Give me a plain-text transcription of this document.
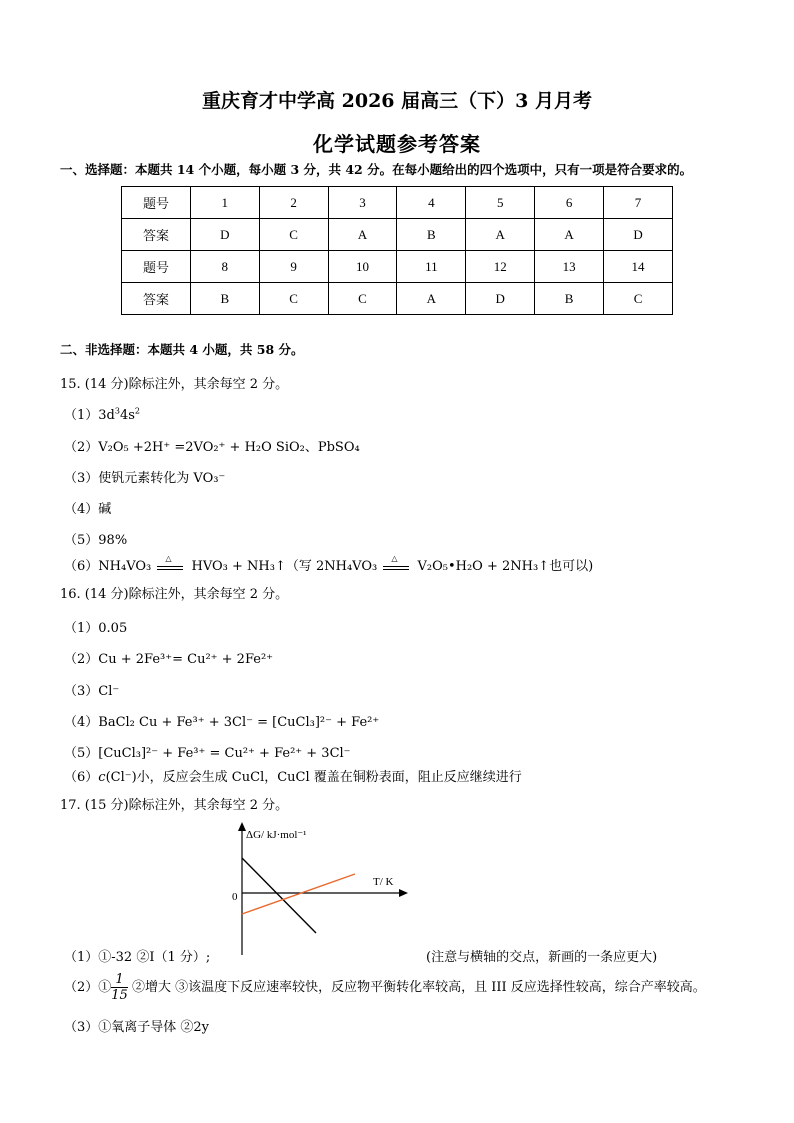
重庆育才中学高 2026 届高三（下）3 月月考
化学试题参考答案
一、选择题：本题共 14 个小题，每小题 3 分，共 42 分。在每小题给出的四个选项中，只有一项是符合要求的。
题号	1	2	3	4	5	6	7
答案	D	C	A	B	A	A	D
题号	8	9	10	11	12	13	14
答案	B	C	C	A	D	B	C
二、非选择题：本题共 4 小题，共 58 分。
15. (14 分)除标注外，其余每空 2 分。
$(1)3d^34s^2$
（2）V₂O₅ +2H⁺ =2VO₂⁺ + H₂O SiO₂、PbSO₄
（3）使钒元素转化为 VO₃⁻
（4）碱
（5）98%
（6）NH₄VO₃
△
HVO₃ + NH₃↑（写 2NH₄VO₃
△
V₂O₅•H₂O + 2NH₃↑也可以)
16. (14 分)除标注外，其余每空 2 分。
（1）0.05
（2）Cu + 2Fe³⁺= Cu²⁺ + 2Fe²⁺
（3）Cl⁻
（4）BaCl₂ Cu + Fe³⁺ + 3Cl⁻ = [CuCl₃]²⁻ + Fe²⁺
（5）[CuCl₃]²⁻ + Fe³⁺ = Cu²⁺ + Fe²⁺ + 3Cl⁻
（6）c(Cl⁻)小，反应会生成 CuCl，CuCl 覆盖在铜粉表面，阻止反应继续进行
17. (15 分)除标注外，其余每空 2 分。
ΔG/ kJ·mol⁻¹
T/ K
0
（1）①-32 ②I（1 分）;	(注意与横轴的交点，新画的一条应更大)
（2）① $\frac{1}{15}$ ②增大 ③该温度下反应速率较快，反应物平衡转化率较高，且 III 反应选择性较高，综合产率较高。
（3）①氧离子导体 ②2y
